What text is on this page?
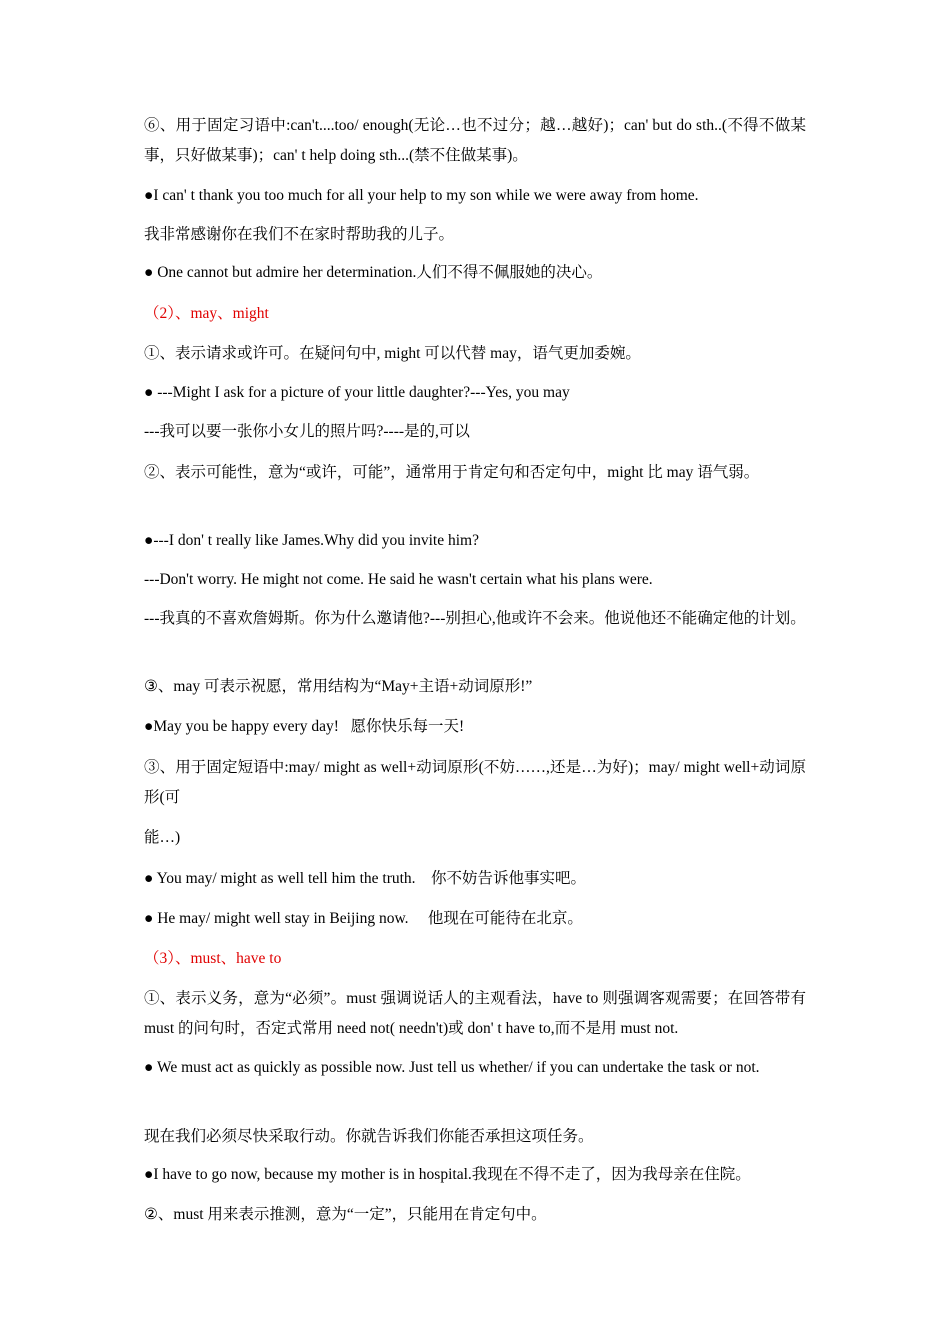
⑥、用于固定习语中:can't....too/ enough(无论…也不过分；越…越好)；can' but do sth..(不得不做某事，只好做某事)；can' t help doing sth...(禁不住做某事)。

●I can' t thank you too much for all your help to my son while we were away from home.

我非常感谢你在我们不在家时帮助我的儿子。

● One cannot but admire her determination.人们不得不佩服她的决心。

（2）、may、might

①、表示请求或许可。在疑问句中, might 可以代替 may，语气更加委婉。

● ---Might I ask for a picture of your little daughter?---Yes, you may

---我可以要一张你小女儿的照片吗?----是的,可以

②、表示可能性，意为“或许，可能”，通常用于肯定句和否定句中，might 比 may 语气弱。

●---I don' t really like James.Why did you invite him?

---Don't worry. He might not come. He said he wasn't certain what his plans were.

---我真的不喜欢詹姆斯。你为什么邀请他?---别担心,他或许不会来。他说他还不能确定他的计划。

③、may 可表示祝愿，常用结构为“May+主语+动词原形!”

●May you be happy every day!   愿你快乐每一天!

③、用于固定短语中:may/ might as well+动词原形(不妨……,还是…为好)；may/ might well+动词原形(可

能…)

● You may/ might as well tell him the truth.    你不妨告诉他事实吧。

● He may/ might well stay in Beijing now.     他现在可能待在北京。

（3）、must、have to

①、表示义务，意为“必须”。must 强调说话人的主观看法，have to 则强调客观需要；在回答带有 must 的问句时，否定式常用 need not( needn't)或 don' t have to,而不是用 must not.

● We must act as quickly as possible now. Just tell us whether/ if you can undertake the task or not.

现在我们必须尽快采取行动。你就告诉我们你能否承担这项任务。

●I have to go now, because my mother is in hospital.我现在不得不走了，因为我母亲在住院。

②、must 用来表示推测，意为“一定”，只能用在肯定句中。
